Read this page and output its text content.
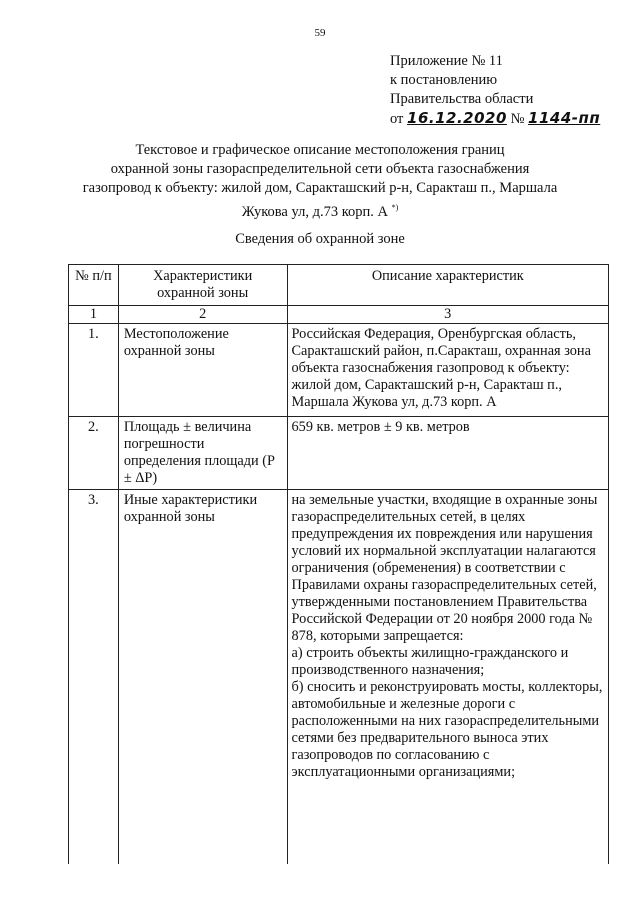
59
Приложение № 11
к постановлению
Правительства области
от 16.12.2020 № 1144-пп
Текстовое и графическое описание местоположения границ
охранной зоны газораспределительной сети объекта газоснабжения
газопровод к объекту: жилой дом, Саракташский р-н, Саракташ п., Маршала
Жукова ул, д.73 корп. А *)
Сведения об охранной зоне
№ п/п	Характеристики охранной зоны	Описание характеристик
1	2	3
1.	Местоположение охранной зоны	Российская Федерация, Оренбургская область, Саракташский район, п.Саракташ, охранная зона объекта газоснабжения газопровод к объекту: жилой дом, Саракташский р-н, Саракташ п., Маршала Жукова ул, д.73 корп. А
2.	Площадь ± величина погрешности определения площади (P ± ΔP)	659 кв. метров ± 9 кв. метров
3.	Иные характеристики охранной зоны	на земельные участки, входящие в охранные зоны газораспределительных сетей, в целях предупреждения их повреждения или нарушения условий их нормальной эксплуатации налагаются ограничения (обременения) в соответствии с Правилами охраны газораспределительных сетей, утвержденными постановлением Правительства Российской Федерации от 20 ноября 2000 года № 878, которыми запрещается:
а) строить объекты жилищно-гражданского и производственного назначения;
б) сносить и реконструировать мосты, коллекторы, автомобильные и железные дороги с расположенными на них газораспределительными сетями без предварительного выноса этих газопроводов по согласованию с эксплуатационными организациями;
